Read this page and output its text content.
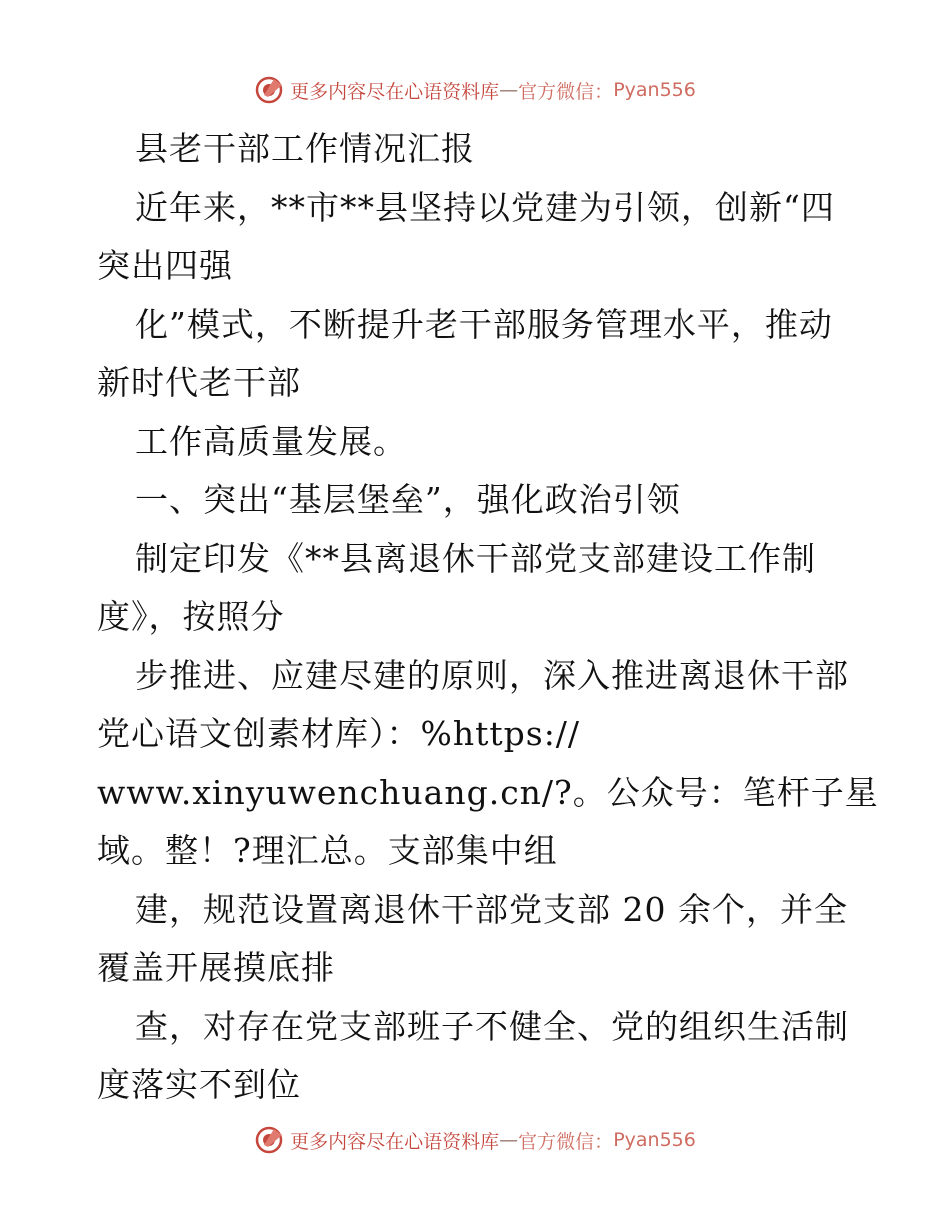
更多内容尽在心语资料库 — 官方微信： Pyan556
县老干部工作情况汇报
近年来，**市**县坚持以党建为引领，创新“四
突出四强
化”模式，不断提升老干部服务管理水平，推动
新时代老干部
工作高质量发展。
一、突出“基层堡垒”，强化政治引领
制定印发《**县离退休干部党支部建设工作制
度》，按照分
步推进、应建尽建的原则，深入推进离退休干部
党心语文创素材库）：%https://
www.xinyuwenchuang.cn/?。公众号：笔杆子星
域。整！?理汇总。支部集中组
建，规范设置离退休干部党支部 20 余个，并全
覆盖开展摸底排
查，对存在党支部班子不健全、党的组织生活制
度落实不到位
更多内容尽在心语资料库 — 官方微信： Pyan556
